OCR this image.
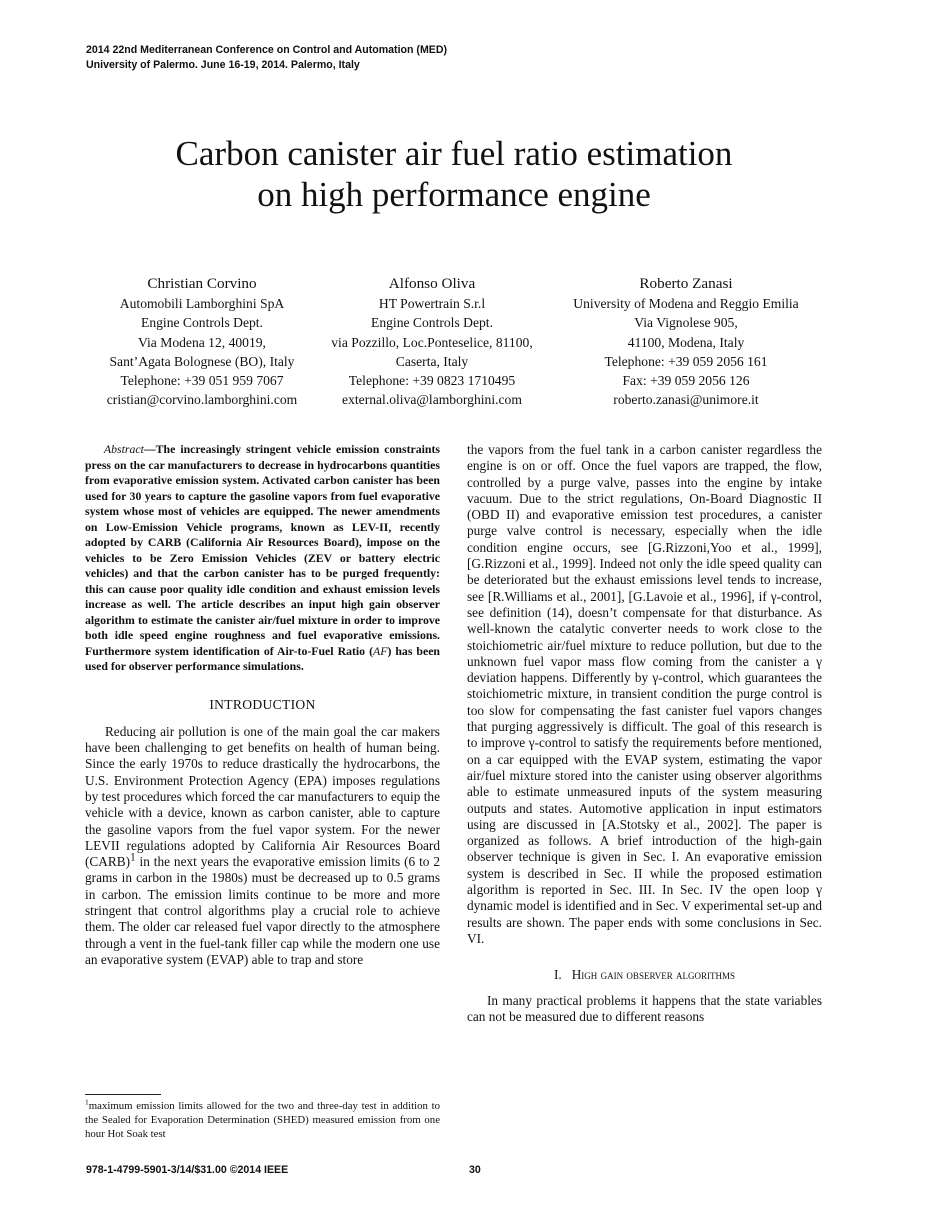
2014 22nd Mediterranean Conference on Control and Automation (MED)
University of Palermo. June 16-19, 2014. Palermo, Italy
Carbon canister air fuel ratio estimation
on high performance engine
Christian Corvino
Automobili Lamborghini SpA
Engine Controls Dept.
Via Modena 12, 40019,
Sant’Agata Bolognese (BO), Italy
Telephone: +39 051 959 7067
cristian@corvino.lamborghini.com
Alfonso Oliva
HT Powertrain S.r.l
Engine Controls Dept.
via Pozzillo, Loc.Ponteselice, 81100,
Caserta, Italy
Telephone: +39 0823 1710495
external.oliva@lamborghini.com
Roberto Zanasi
University of Modena and Reggio Emilia
Via Vignolese 905,
41100, Modena, Italy
Telephone: +39 059 2056 161
Fax: +39 059 2056 126
roberto.zanasi@unimore.it

Abstract—The increasingly stringent vehicle emission constraints press on the car manufacturers to decrease in hydrocarbons quantities from evaporative emission system. Activated carbon canister has been used for 30 years to capture the gasoline vapors from fuel evaporative system whose most of vehicles are equipped. The newer amendments on Low-Emission Vehicle programs, known as LEV-II, recently adopted by CARB (California Air Resources Board), impose on the vehicles to be Zero Emission Vehicles (ZEV or battery electric vehicles) and that the carbon canister has to be purged frequently: this can cause poor quality idle condition and exhaust emission levels increase as well. The article describes an input high gain observer algorithm to estimate the canister air/fuel mixture in order to improve both idle speed engine roughness and fuel evaporative emissions. Furthermore system identification of Air-to-Fuel Ratio (AF) has been used for observer performance simulations.

INTRODUCTION

Reducing air pollution is one of the main goal the car makers have been challenging to get benefits on health of human being. Since the early 1970s to reduce drastically the hydrocarbons, the U.S. Environment Protection Agency (EPA) imposes regulations by test procedures which forced the car manufacturers to equip the vehicle with a device, known as carbon canister, able to capture the gasoline vapors from the fuel vapor system. For the newer LEVII regulations adopted by California Air Resources Board (CARB)$^1$ in the next years the evaporative emission limits (6 to 2 grams in carbon in the 1980s) must be decreased up to 0.5 grams in carbon. The emission limits continue to be more and more stringent that control algorithms play a crucial role to achieve them. The older car released fuel vapor directly to the atmosphere through a vent in the fuel-tank filler cap while the modern one use an evaporative system (EVAP) able to trap and store

the vapors from the fuel tank in a carbon canister regardless the engine is on or off. Once the fuel vapors are trapped, the flow, controlled by a purge valve, passes into the engine by intake vacuum. Due to the strict regulations, On-Board Diagnostic II (OBD II) and evaporative emission test procedures, a canister purge valve control is necessary, especially when the idle condition engine occurs, see [G.Rizzoni,Yoo et al., 1999], [G.Rizzoni et al., 1999]. Indeed not only the idle speed quality can be deteriorated but the exhaust emissions level tends to increase, see [R.Williams et al., 2001], [G.Lavoie et al., 1996], if γ-control, see definition (14), doesn’t compensate for that disturbance. As well-known the catalytic converter needs to work close to the stoichiometric air/fuel mixture to reduce pollution, but due to the unknown fuel vapor mass flow coming from the canister a γ deviation happens. Differently by γ-control, which guarantees the stoichiometric mixture, in transient condition the purge control is too slow for compensating the fast canister fuel vapors changes that purging aggressively is difficult. The goal of this research is to improve γ-control to satisfy the requirements before mentioned, on a car equipped with the EVAP system, estimating the vapor air/fuel mixture stored into the canister using observer algorithms able to estimate unmeasured inputs of the system measuring outputs and states. Automotive application in input estimators using are discussed in [A.Stotsky et al., 2002]. The paper is organized as follows. A brief introduction of the high-gain observer technique is given in Sec. I. An evaporative emission system is described in Sec. II while the proposed estimation algorithm is reported in Sec. III. In Sec. IV the open loop γ dynamic model is identified and in Sec. V experimental set-up and results are shown. The paper ends with some conclusions in Sec. VI.

I. High gain observer algorithms

In many practical problems it happens that the state variables can not be measured due to different reasons

$^1$maximum emission limits allowed for the two and three-day test in addition to the Sealed for Evaporation Determination (SHED) measured emission from one hour Hot Soak test
978-1-4799-5901-3/14/$31.00 ©2014 IEEE	30
